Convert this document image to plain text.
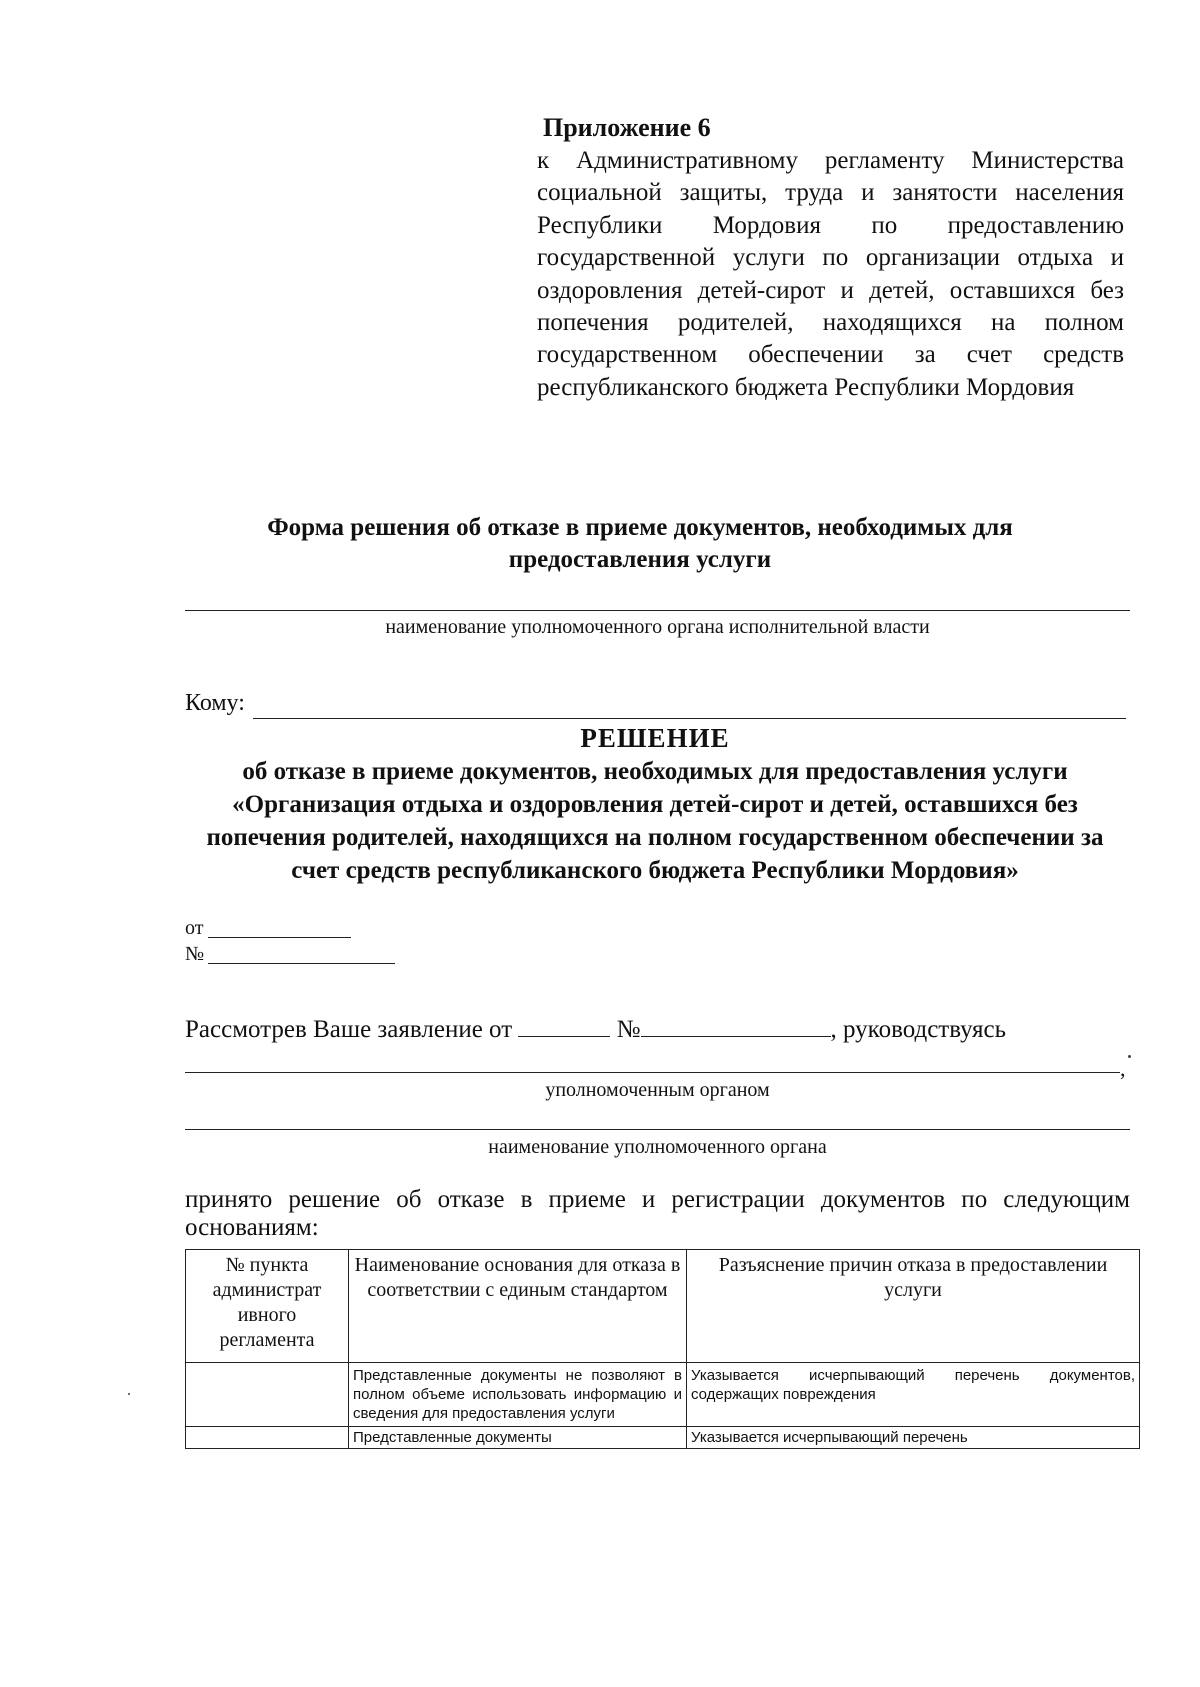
Приложение 6
к Административному регламенту Министерства социальной защиты, труда и занятости населения Республики Мордовия по предоставлению государственной услуги по организации отдыха и оздоровления детей-сирот и детей, оставшихся без попечения родителей, находящихся на полном государственном обеспечении за счет средств республиканского бюджета Республики Мордовия
Форма решения об отказе в приеме документов, необходимых для предоставления услуги
наименование уполномоченного органа исполнительной власти
Кому:
РЕШЕНИЕ
об отказе в приеме документов, необходимых для предоставления услуги «Организация отдыха и оздоровления детей-сирот и детей, оставшихся без попечения родителей, находящихся на полном государственном обеспечении за счет средств республиканского бюджета Республики Мордовия»
от
№
Рассмотрев Ваше заявление от	№	, руководствуясь
,
уполномоченным органом
наименование уполномоченного органа
принято решение об отказе в приеме и регистрации документов по следующим основаниям:
№ пункта администрат ивного регламента	Наименование основания для отказа в соответствии с единым стандартом	Разъяснение причин отказа в предоставлении услуги
	Представленные документы не позволяют в полном объеме использовать информацию и сведения для предоставления услуги	Указывается исчерпывающий перечень документов, содержащих повреждения
	Представленные документы	Указывается исчерпывающий перечень
